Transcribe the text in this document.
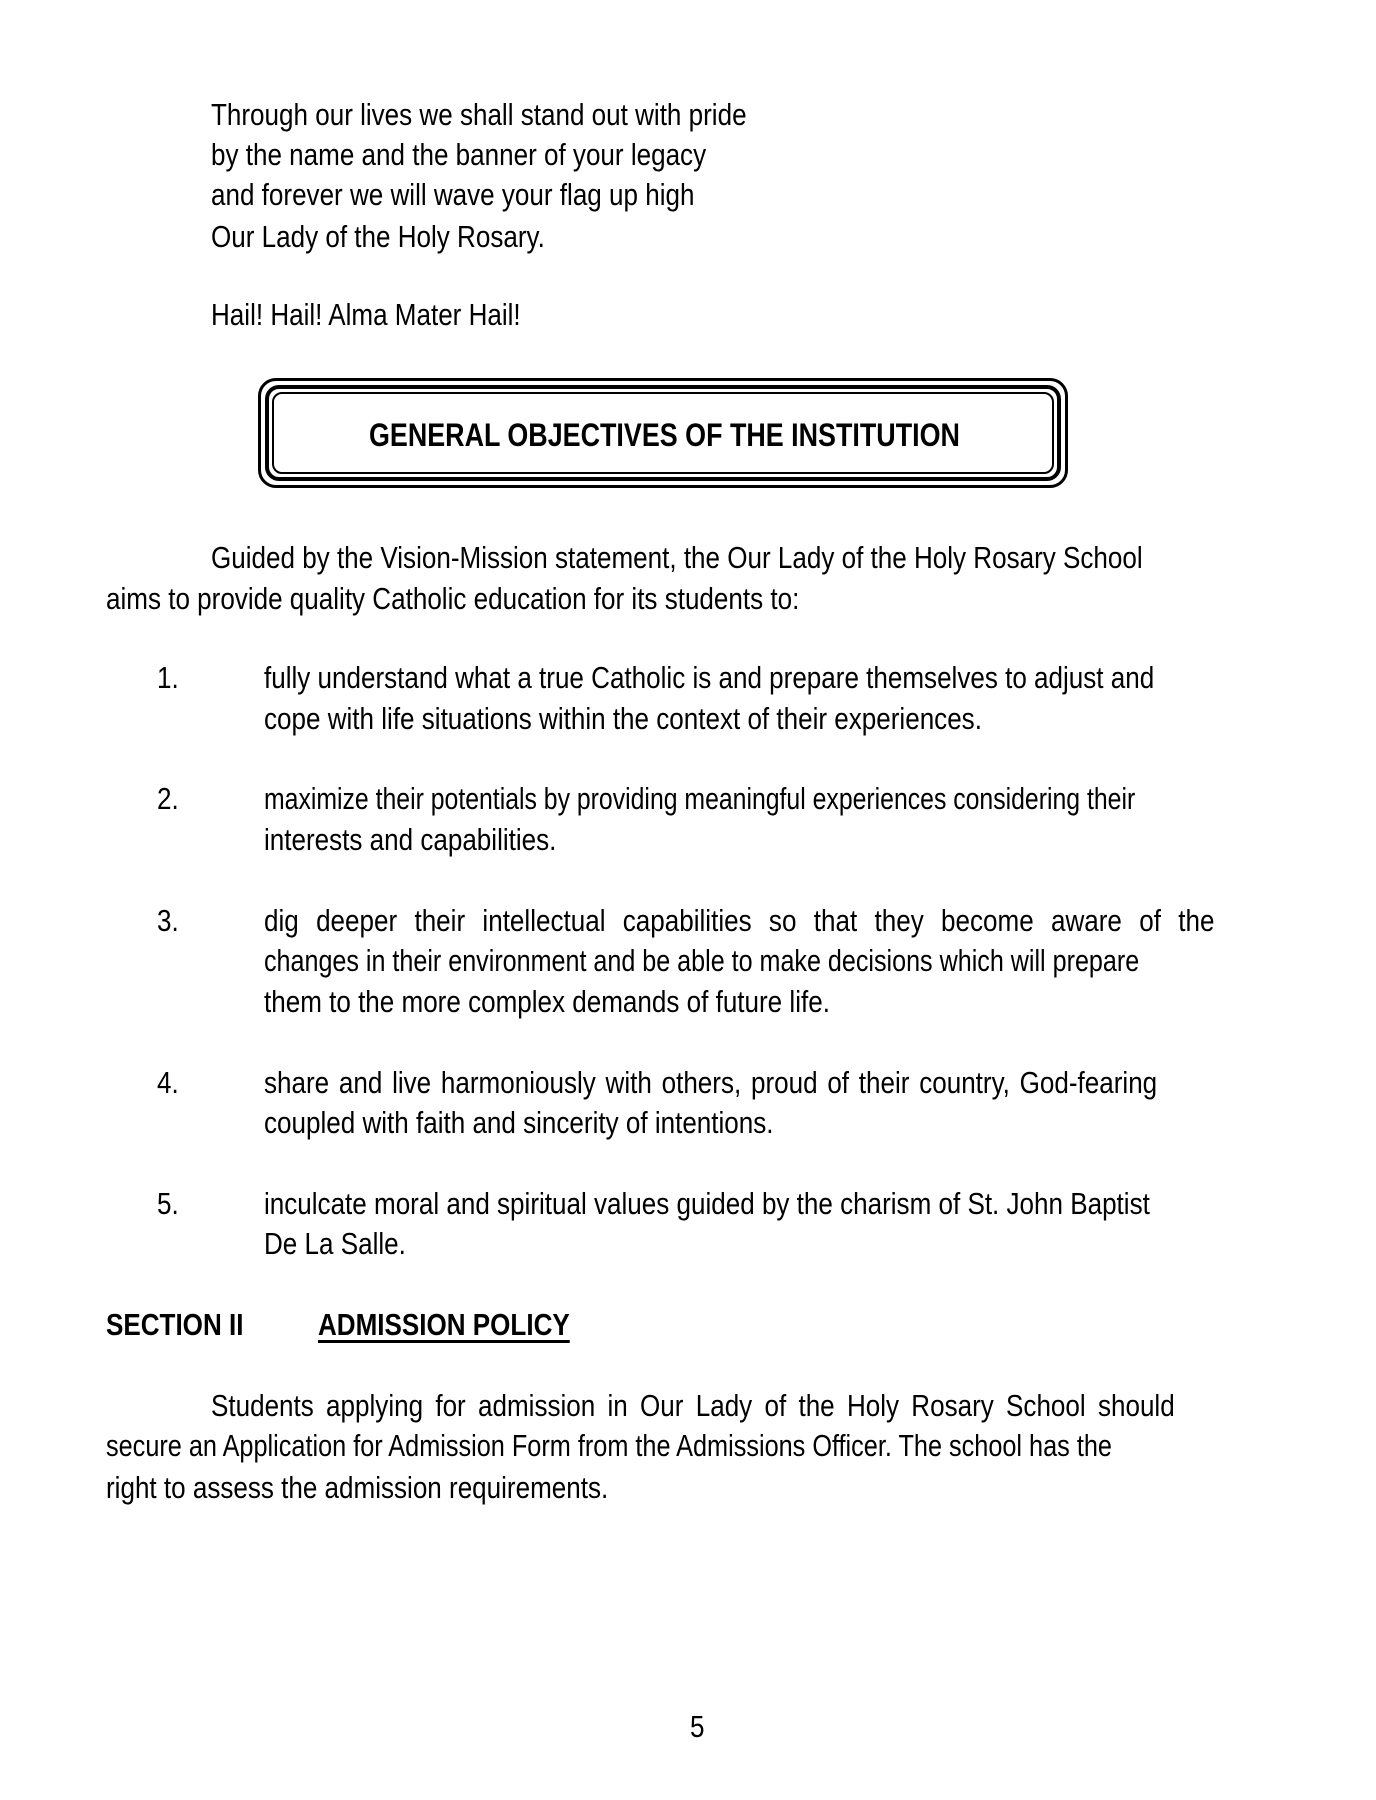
Through our lives we shall stand out with pride
by the name and the banner of your legacy
and forever we will wave your flag up high
Our Lady of the Holy Rosary.
Hail! Hail! Alma Mater Hail!
GENERAL OBJECTIVES OF THE INSTITUTION
Guided by the Vision-Mission statement, the Our Lady of the Holy Rosary School
aims to provide quality Catholic education for its students to:
1.	fully understand what a true Catholic is and prepare themselves to adjust and
cope with life situations within the context of their experiences.
2.	maximize their potentials by providing meaningful experiences considering their
interests and capabilities.
3.	dig deeper their intellectual capabilities so that they become aware of the
changes in their environment and be able to make decisions which will prepare
them to the more complex demands of future life.
4.	share and live harmoniously with others, proud of their country, God-fearing
coupled with faith and sincerity of intentions.
5.	inculcate moral and spiritual values guided by the charism of St. John Baptist
De La Salle.
SECTION II ADMISSION POLICY
Students applying for admission in Our Lady of the Holy Rosary School should
secure an Application for Admission Form from the Admissions Officer. The school has the
right to assess the admission requirements.
5
